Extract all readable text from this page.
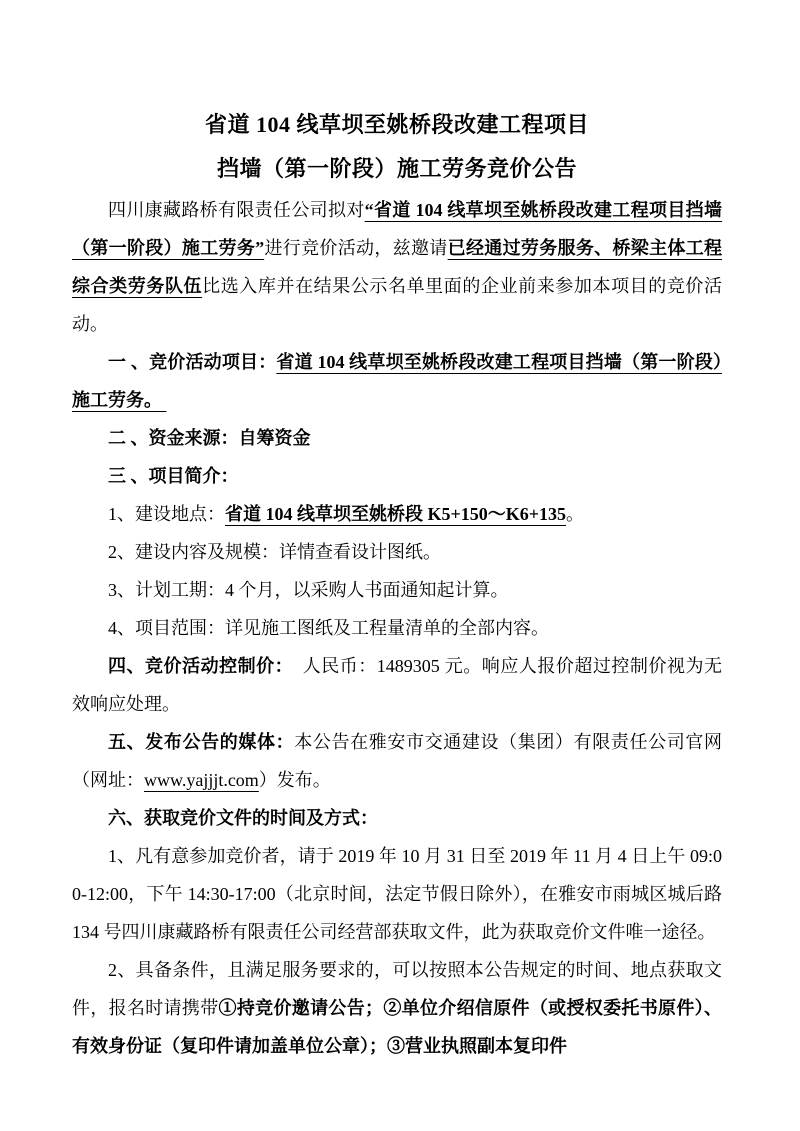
省道 104 线草坝至姚桥段改建工程项目
挡墙（第一阶段）施工劳务竞价公告

四川康藏路桥有限责任公司拟对“省道 104 线草坝至姚桥段改建工程项目挡墙（第一阶段）施工劳务”进行竞价活动，兹邀请已经通过劳务服务、桥梁主体工程综合类劳务队伍比选入库并在结果公示名单里面的企业前来参加本项目的竞价活动。

一 、竞价活动项目：省道 104 线草坝至姚桥段改建工程项目挡墙（第一阶段）施工劳务。

二 、资金来源：自筹资金

三 、项目简介：

1、建设地点：省道 104 线草坝至姚桥段 K5+150～K6+135。

2、建设内容及规模：详情查看设计图纸。

3、计划工期：4 个月，以采购人书面通知起计算。

4、项目范围：详见施工图纸及工程量清单的全部内容。

四、竞价活动控制价：　人民币：1489305 元。响应人报价超过控制价视为无效响应处理。

五、发布公告的媒体：本公告在雅安市交通建设（集团）有限责任公司官网（网址：www.yajjjt.com）发布。

六、获取竞价文件的时间及方式：

1、凡有意参加竞价者，请于 2019 年 10 月 31 日至 2019 年 11 月 4 日上午 09:00-12:00，下午 14:30-17:00（北京时间，法定节假日除外），在雅安市雨城区城后路 134 号四川康藏路桥有限责任公司经营部获取文件，此为获取竞价文件唯一途径。

2、具备条件，且满足服务要求的，可以按照本公告规定的时间、地点获取文件，报名时请携带①持竞价邀请公告；②单位介绍信原件（或授权委托书原件）、有效身份证（复印件请加盖单位公章）；③营业执照副本复印件
